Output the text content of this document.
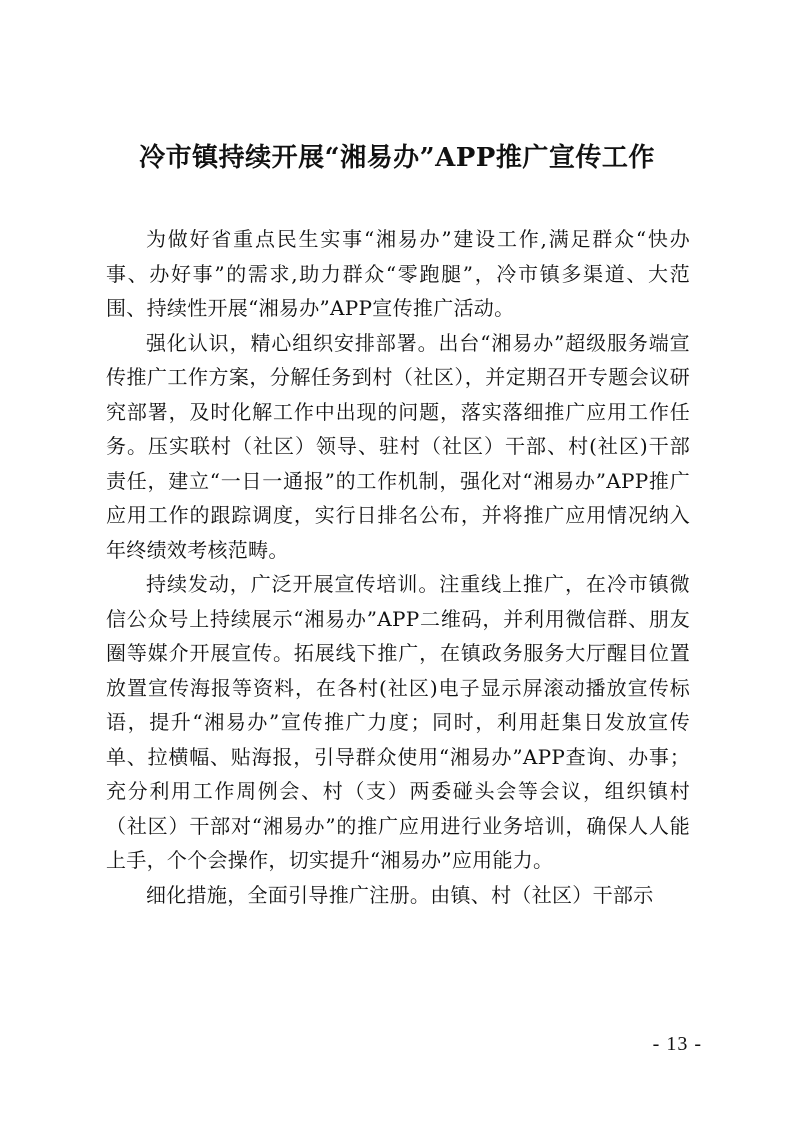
冷市镇持续开展“湘易办”APP推广宣传工作

为做好省重点民生实事“湘易办”建设工作,满足群众“快办事、办好事”的需求,助力群众“零跑腿”，冷市镇多渠道、大范围、持续性开展“湘易办”APP宣传推广活动。

强化认识，精心组织安排部署。出台“湘易办”超级服务端宣传推广工作方案，分解任务到村（社区），并定期召开专题会议研究部署，及时化解工作中出现的问题，落实落细推广应用工作任务。压实联村（社区）领导、驻村（社区）干部、村(社区)干部责任，建立“一日一通报”的工作机制，强化对“湘易办”APP推广应用工作的跟踪调度，实行日排名公布，并将推广应用情况纳入年终绩效考核范畴。

持续发动，广泛开展宣传培训。注重线上推广，在冷市镇微信公众号上持续展示“湘易办”APP二维码，并利用微信群、朋友圈等媒介开展宣传。拓展线下推广，在镇政务服务大厅醒目位置放置宣传海报等资料，在各村(社区)电子显示屏滚动播放宣传标语，提升“湘易办”宣传推广力度；同时，利用赶集日发放宣传单、拉横幅、贴海报，引导群众使用“湘易办”APP查询、办事；充分利用工作周例会、村（支）两委碰头会等会议，组织镇村（社区）干部对“湘易办”的推广应用进行业务培训，确保人人能上手，个个会操作，切实提升“湘易办”应用能力。

细化措施，全面引导推广注册。由镇、村（社区）干部示

- 13 -
